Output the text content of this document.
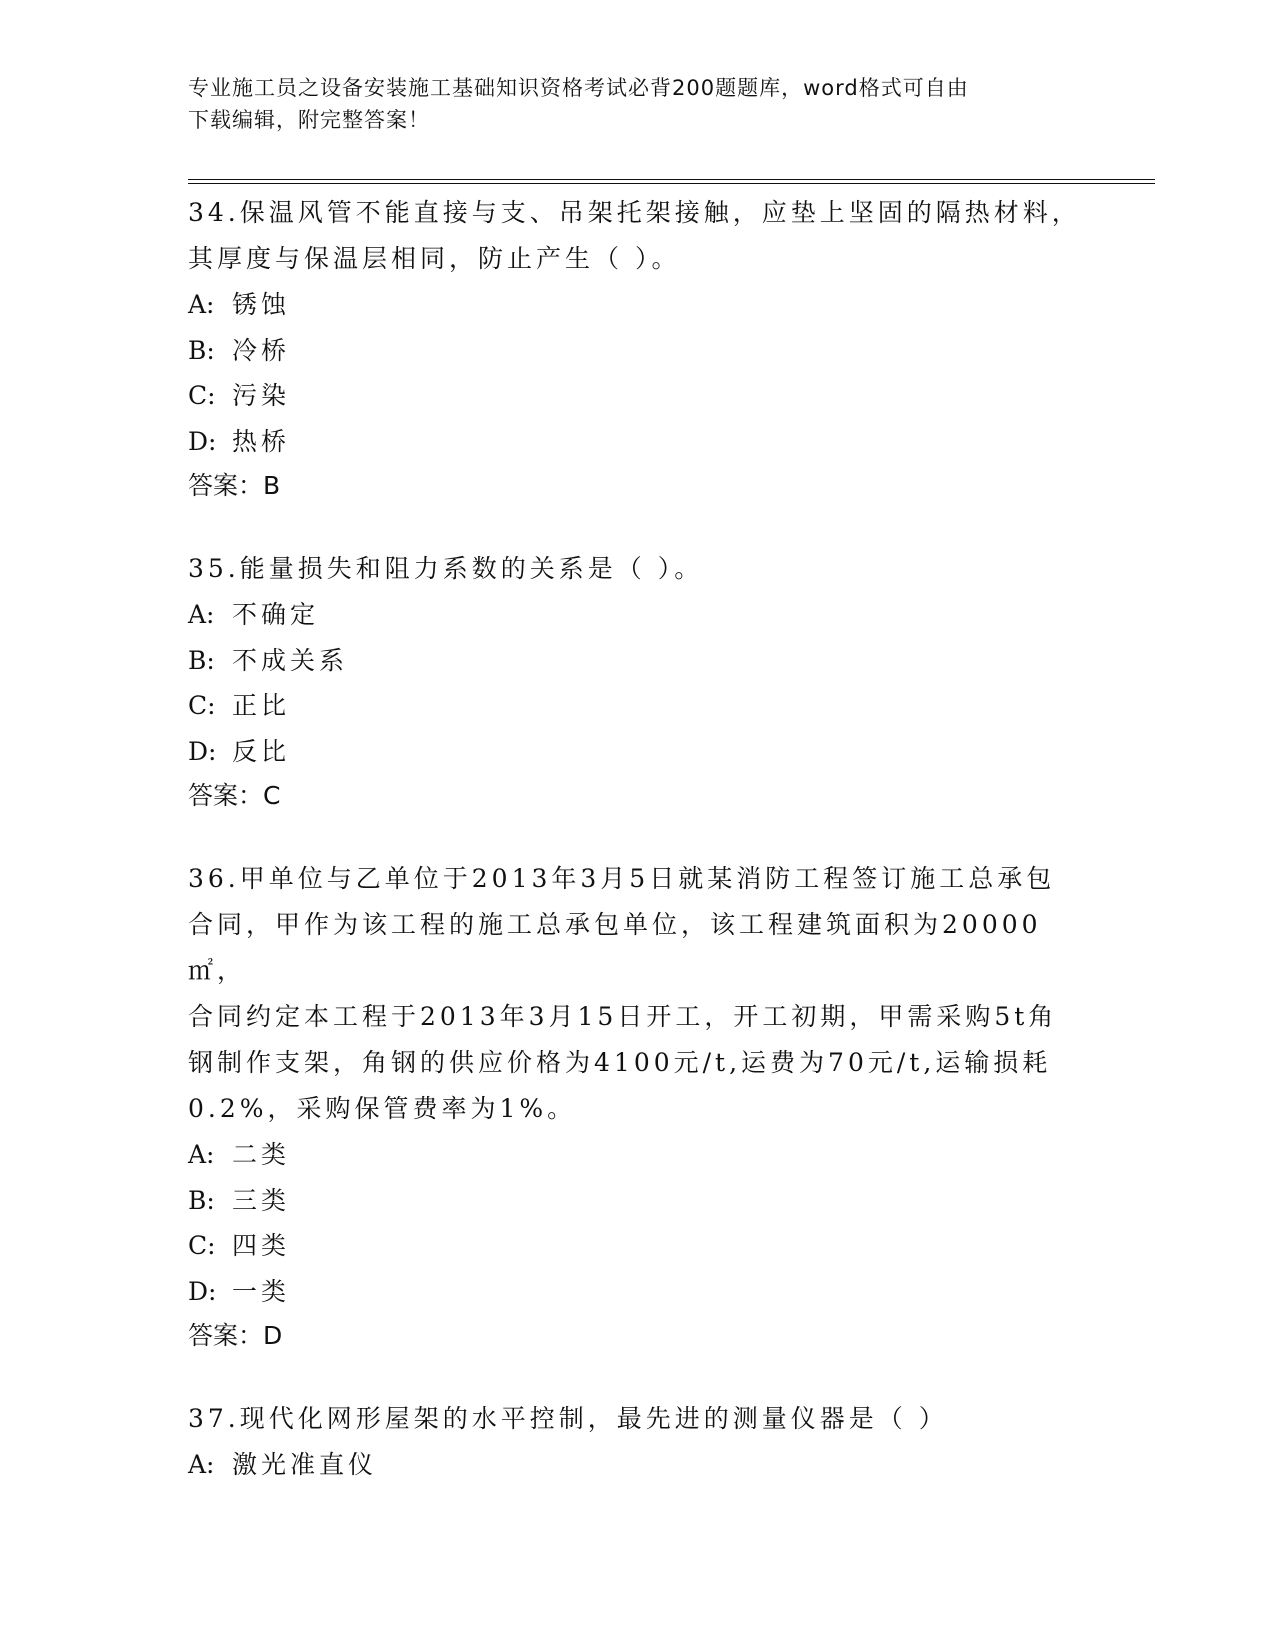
专业施工员之设备安装施工基础知识资格考试必背200题题库，word格式可自由
下载编辑，附完整答案！
34.保温风管不能直接与支、吊架托架接触，应垫上坚固的隔热材料，
其厚度与保温层相同，防止产生（ ）。
A: 锈蚀
B: 冷桥
C: 污染
D: 热桥
答案：B
35.能量损失和阻力系数的关系是（ ）。
A: 不确定
B: 不成关系
C: 正比
D: 反比
答案：C
36.甲单位与乙单位于2013年3月5日就某消防工程签订施工总承包
合同，甲作为该工程的施工总承包单位，该工程建筑面积为20000㎡，
合同约定本工程于2013年3月15日开工，开工初期，甲需采购5t角
钢制作支架，角钢的供应价格为4100元/t,运费为70元/t,运输损耗
0.2%，采购保管费率为1%。
A: 二类
B: 三类
C: 四类
D: 一类
答案：D
37.现代化网形屋架的水平控制，最先进的测量仪器是（ ）
A: 激光准直仪
